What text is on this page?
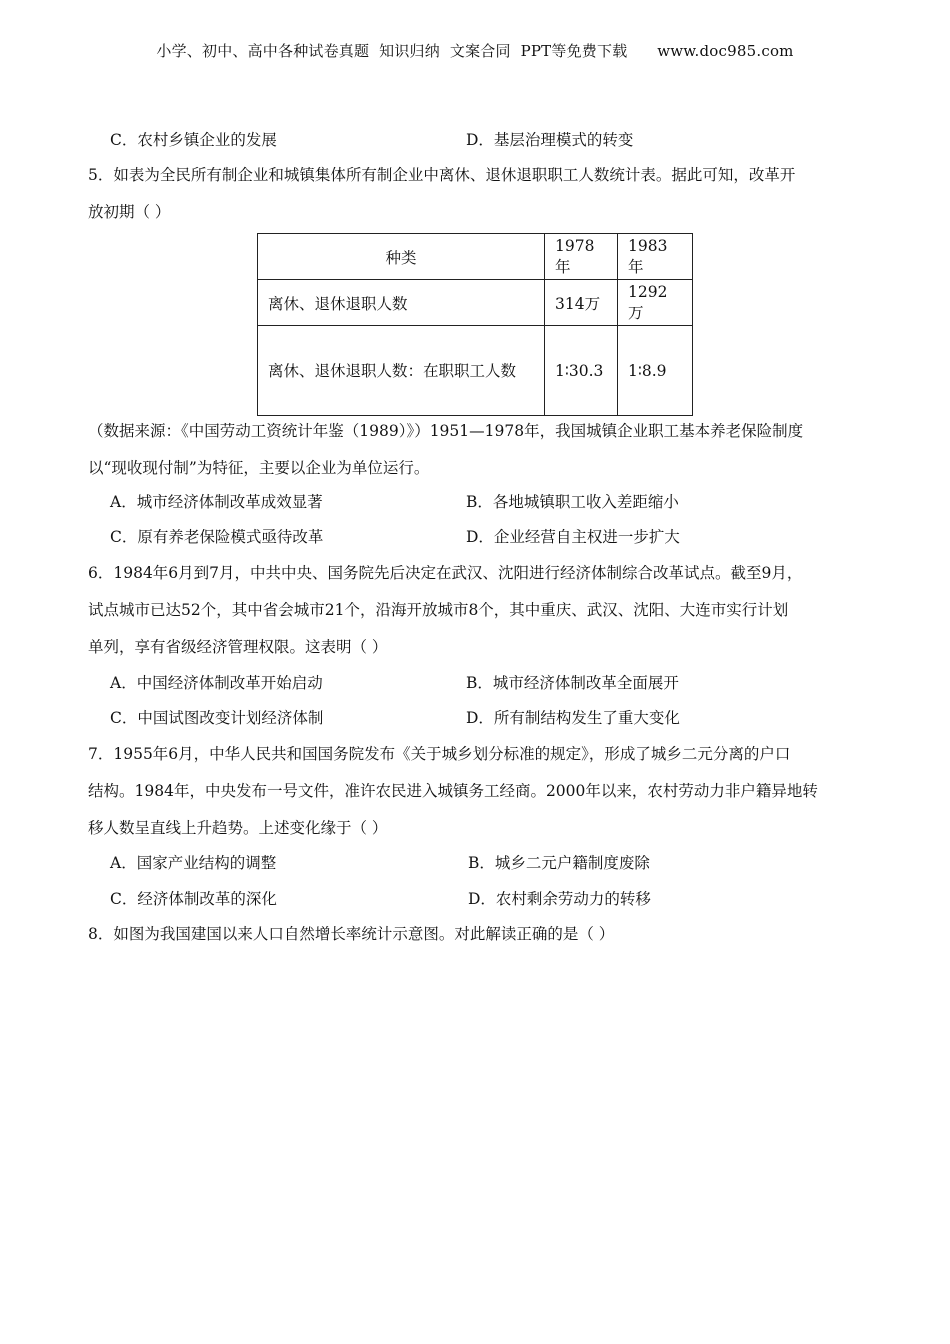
小学、初中、高中各种试卷真题  知识归纳  文案合同  PPT等免费下载      www.doc985.com
C．农村乡镇企业的发展	D．基层治理模式的转变
5．如表为全民所有制企业和城镇集体所有制企业中离休、退休退职职工人数统计表。据此可知，改革开
放初期（ ）
种类	1978年	1983年
离休、退休退职人数	314万	1292万
离休、退休退职人数：在职职工人数	1∶30.3	1∶8.9
（数据来源：《中国劳动工资统计年鉴（1989）》）1951—1978年，我国城镇企业职工基本养老保险制度
以“现收现付制”为特征，主要以企业为单位运行。
A．城市经济体制改革成效显著	B．各地城镇职工收入差距缩小
C．原有养老保险模式亟待改革	D．企业经营自主权进一步扩大
6．1984年6月到7月，中共中央、国务院先后决定在武汉、沈阳进行经济体制综合改革试点。截至9月，
试点城市已达52个，其中省会城市21个，沿海开放城市8个，其中重庆、武汉、沈阳、大连市实行计划
单列，享有省级经济管理权限。这表明（ ）
A．中国经济体制改革开始启动	B．城市经济体制改革全面展开
C．中国试图改变计划经济体制	D．所有制结构发生了重大变化
7．1955年6月，中华人民共和国国务院发布《关于城乡划分标准的规定》，形成了城乡二元分离的户口
结构。1984年，中央发布一号文件，准许农民进入城镇务工经商。2000年以来，农村劳动力非户籍异地转
移人数呈直线上升趋势。上述变化缘于（ ）
A．国家产业结构的调整	B．城乡二元户籍制度废除
C．经济体制改革的深化	D．农村剩余劳动力的转移
8．如图为我国建国以来人口自然增长率统计示意图。对此解读正确的是（ ）
